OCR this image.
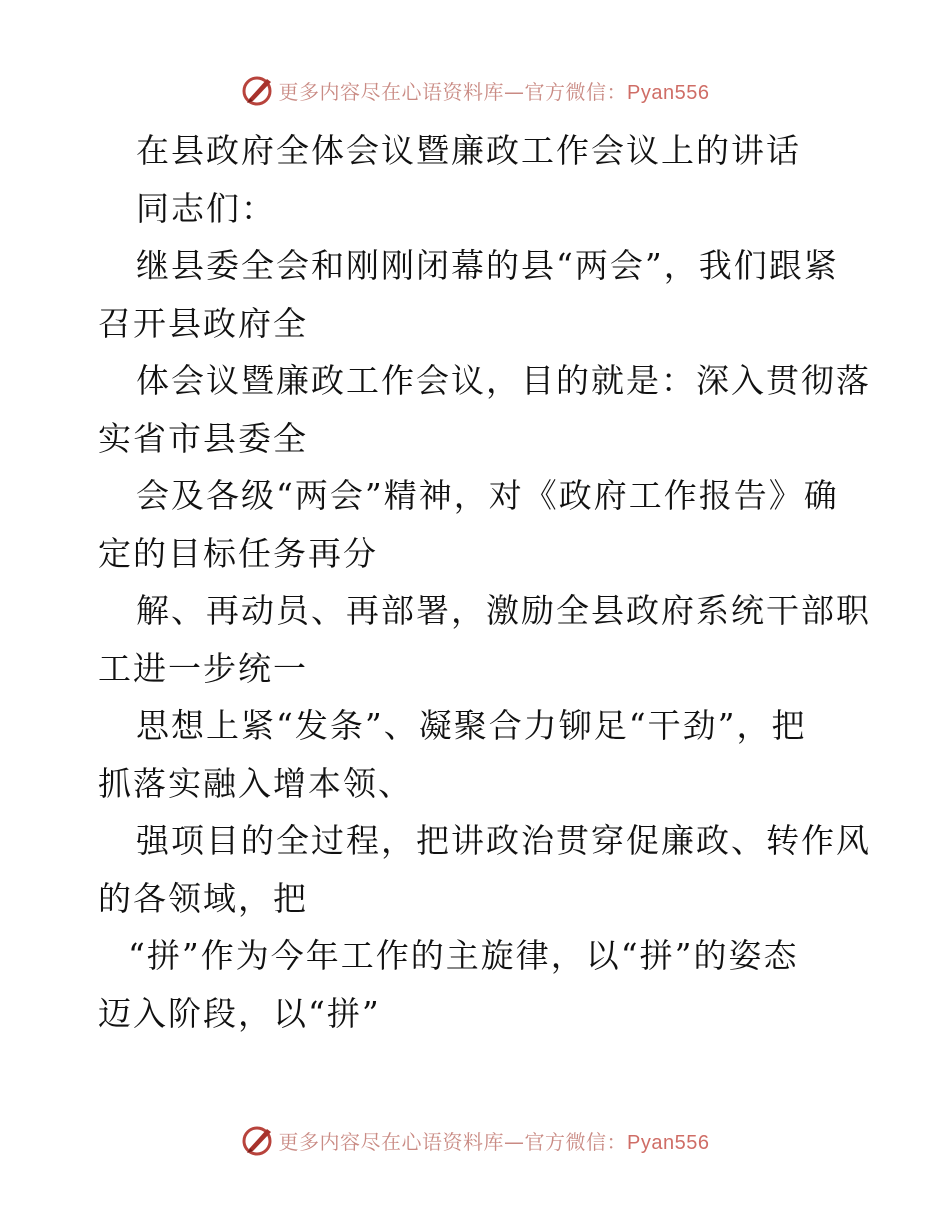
更多内容尽在心语资料库—官方微信：Pyan556
在县政府全体会议暨廉政工作会议上的讲话
同志们：
继县委全会和刚刚闭幕的县“两会”，我们跟紧
召开县政府全
体会议暨廉政工作会议，目的就是：深入贯彻落
实省市县委全
会及各级“两会”精神，对《政府工作报告》确
定的目标任务再分
解、再动员、再部署，激励全县政府系统干部职
工进一步统一
思想上紧“发条”、凝聚合力铆足“干劲”，把
抓落实融入增本领、
强项目的全过程，把讲政治贯穿促廉政、转作风
的各领域，把
“拼”作为今年工作的主旋律，以“拼”的姿态
迈入阶段，以“拼”
更多内容尽在心语资料库—官方微信：Pyan556
